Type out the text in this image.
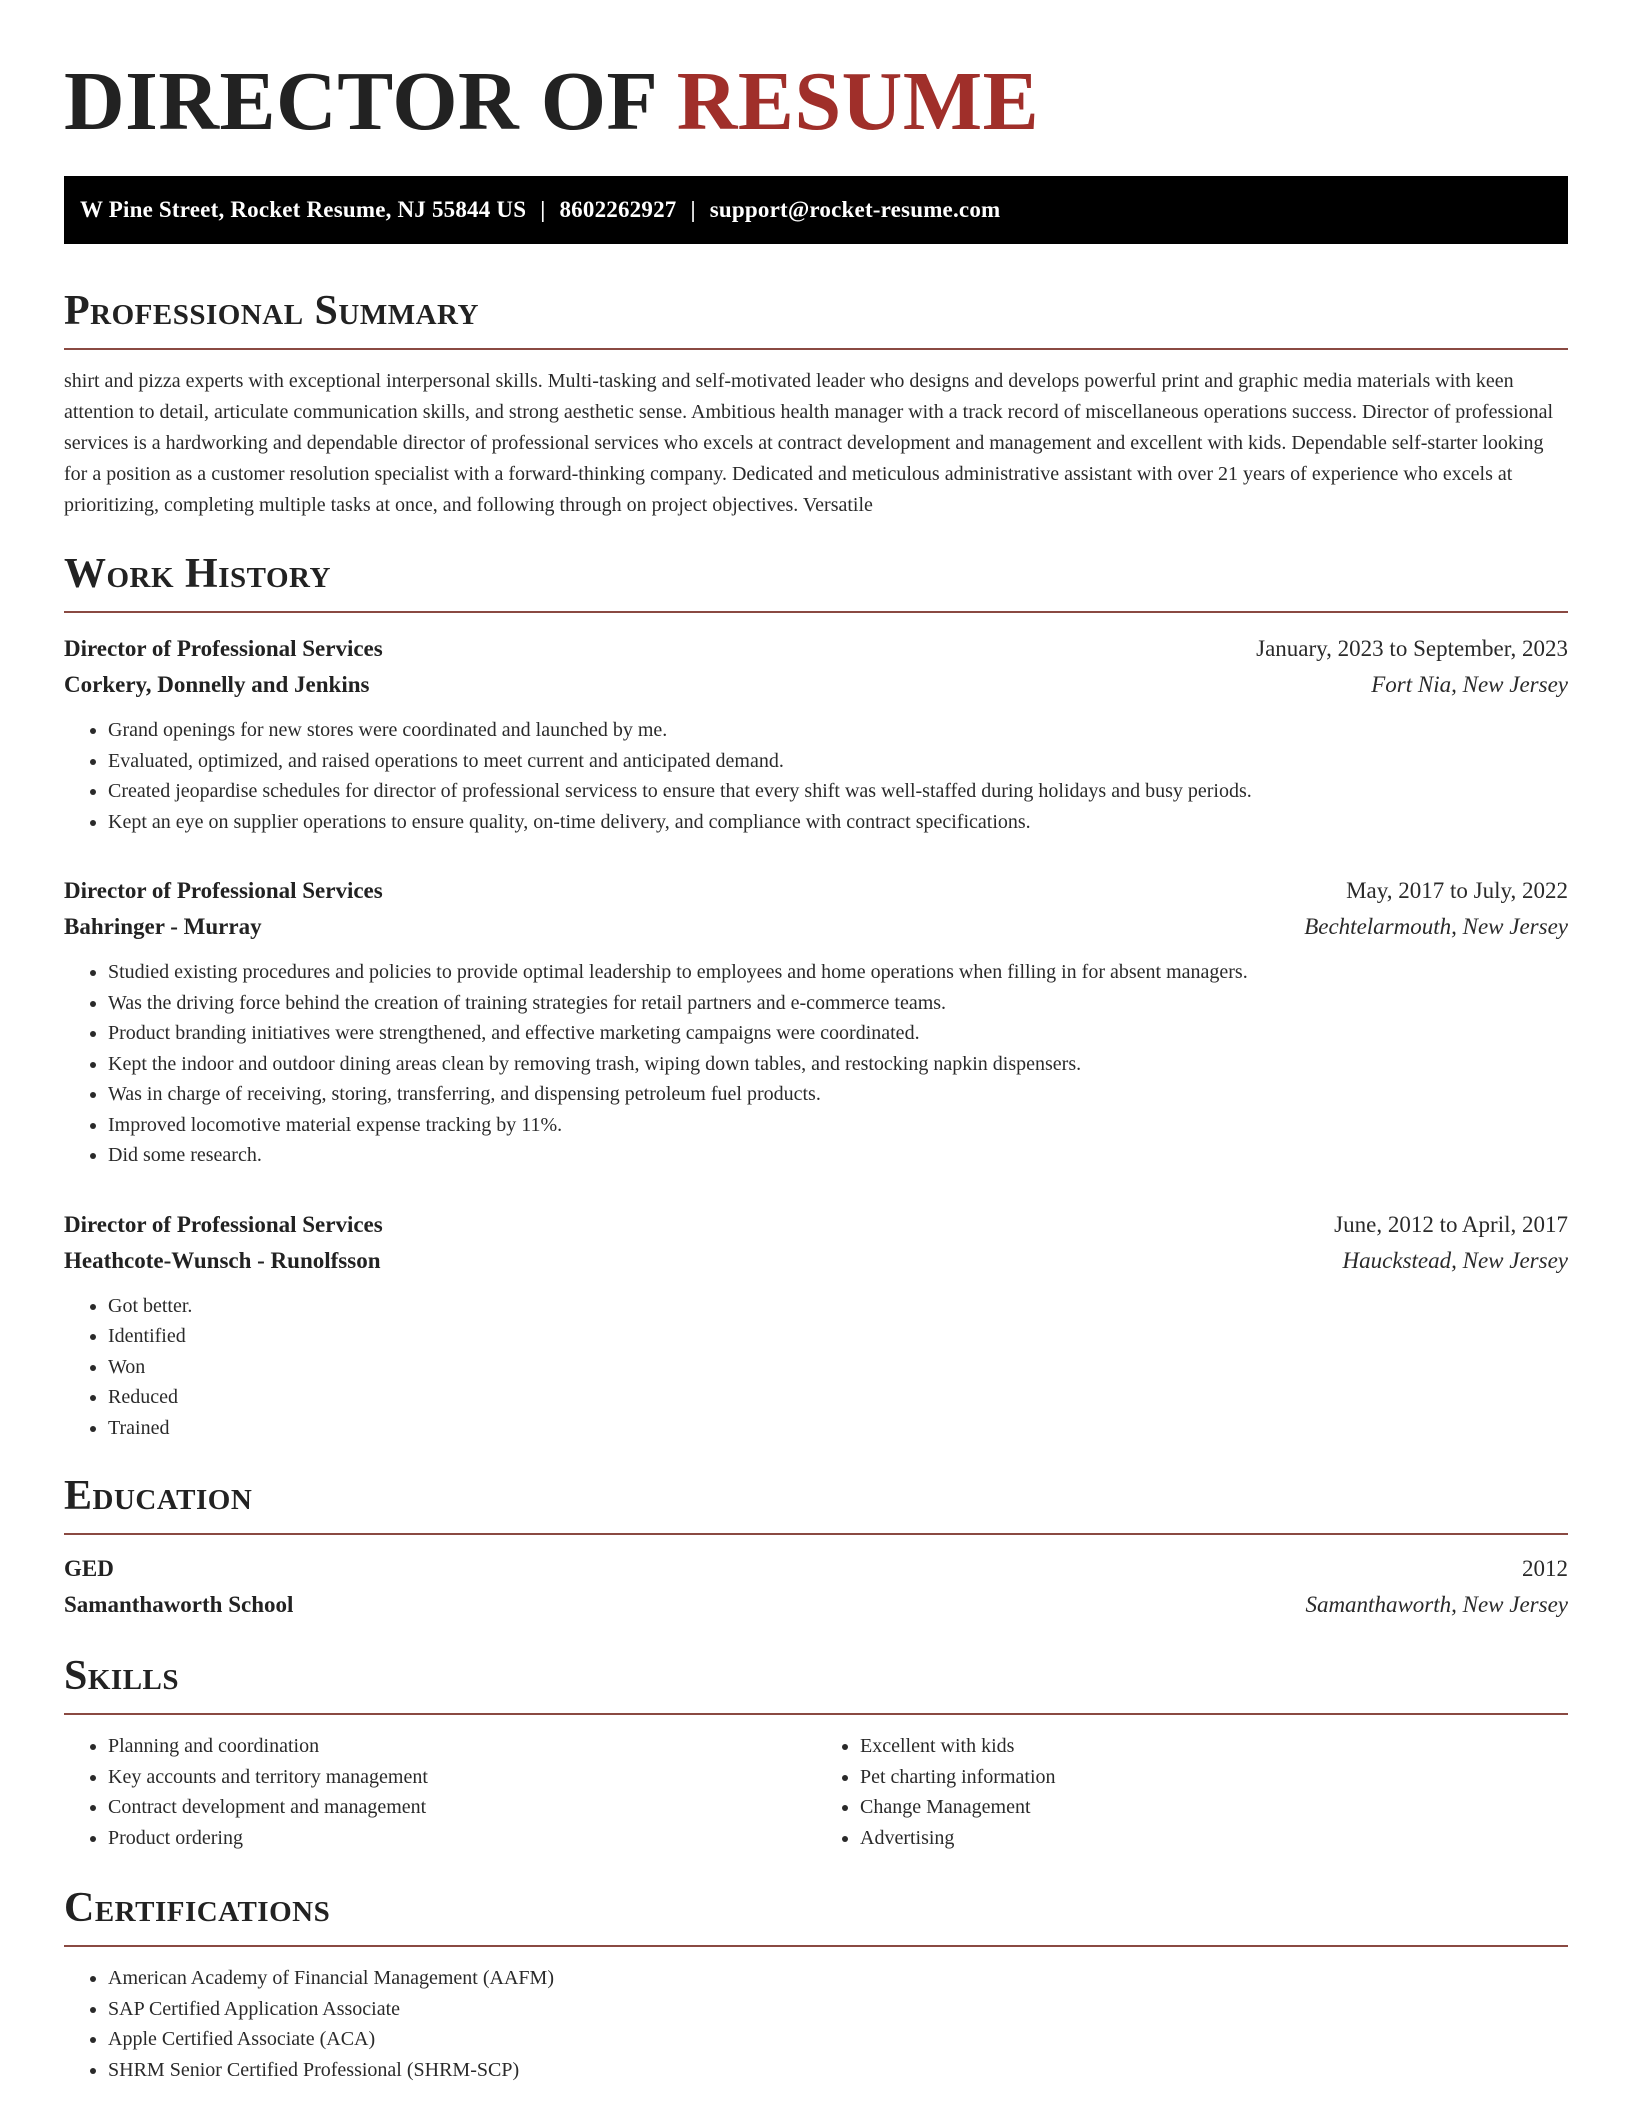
DIRECTOR OF RESUME
W Pine Street, Rocket Resume, NJ 55844 US | 8602262927 | support@rocket-resume.com
Professional Summary

shirt and pizza experts with exceptional interpersonal skills. Multi-tasking and self-motivated leader who designs and develops powerful print and graphic media materials with keen attention to detail, articulate communication skills, and strong aesthetic sense. Ambitious health manager with a track record of miscellaneous operations success. Director of professional services is a hardworking and dependable director of professional services who excels at contract development and management and excellent with kids. Dependable self-starter looking for a position as a customer resolution specialist with a forward-thinking company. Dedicated and meticulous administrative assistant with over 21 years of experience who excels at prioritizing, completing multiple tasks at once, and following through on project objectives. Versatile

Work History
Director of Professional Services	January, 2023 to September, 2023
Corkery, Donnelly and Jenkins	Fort Nia, New Jersey
• Grand openings for new stores were coordinated and launched by me.
• Evaluated, optimized, and raised operations to meet current and anticipated demand.
• Created jeopardise schedules for director of professional servicess to ensure that every shift was well-staffed during holidays and busy periods.
• Kept an eye on supplier operations to ensure quality, on-time delivery, and compliance with contract specifications.
Director of Professional Services	May, 2017 to July, 2022
Bahringer - Murray	Bechtelarmouth, New Jersey
• Studied existing procedures and policies to provide optimal leadership to employees and home operations when filling in for absent managers.
• Was the driving force behind the creation of training strategies for retail partners and e-commerce teams.
• Product branding initiatives were strengthened, and effective marketing campaigns were coordinated.
• Kept the indoor and outdoor dining areas clean by removing trash, wiping down tables, and restocking napkin dispensers.
• Was in charge of receiving, storing, transferring, and dispensing petroleum fuel products.
• Improved locomotive material expense tracking by 11%.
• Did some research.
Director of Professional Services	June, 2012 to April, 2017
Heathcote-Wunsch - Runolfsson	Hauckstead, New Jersey
• Got better.
• Identified
• Won
• Reduced
• Trained
Education
GED	2012
Samanthaworth School	Samanthaworth, New Jersey
Skills
• Planning and coordination
• Key accounts and territory management
• Contract development and management
• Product ordering
• Excellent with kids
• Pet charting information
• Change Management
• Advertising
Certifications
• American Academy of Financial Management (AAFM)
• SAP Certified Application Associate
• Apple Certified Associate (ACA)
• SHRM Senior Certified Professional (SHRM-SCP)
